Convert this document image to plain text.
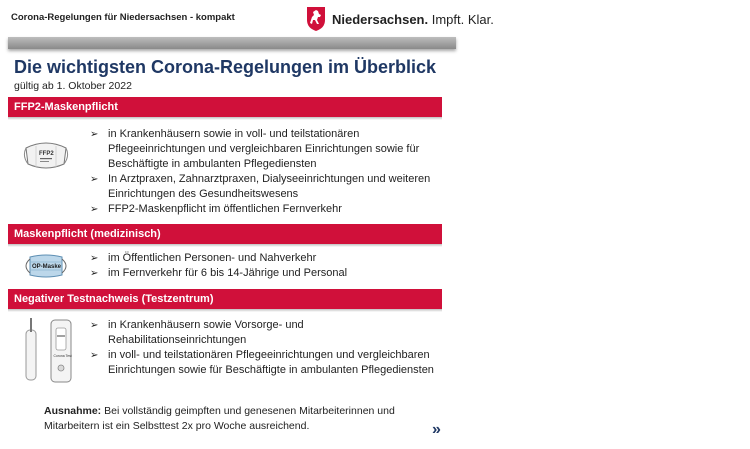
Corona-Regelungen für Niedersachsen - kompakt	Niedersachsen. Impft. Klar.
Die wichtigsten Corona-Regelungen im Überblick
gültig ab 1. Oktober 2022
FFP2-Maskenpflicht
FFP2
➢ in Krankenhäusern sowie in voll- und teilstationären Pflegeeinrichtungen und vergleichbaren Einrichtungen sowie für Beschäftigte in ambulanten Pflegediensten
➢ In Arztpraxen, Zahnarztpraxen, Dialyseeinrichtungen und weiteren Einrichtungen des Gesundheitswesens
➢ FFP2-Maskenpflicht im öffentlichen Fernverkehr
Maskenpflicht (medizinisch)
OP-Maske
➢ im Öffentlichen Personen- und Nahverkehr
➢ im Fernverkehr für 6 bis 14-Jährige und Personal
Negativer Testnachweis (Testzentrum)
Corona Test
➢ in Krankenhäusern sowie Vorsorge- und Rehabilitationseinrichtungen
➢ in voll- und teilstationären Pflegeeinrichtungen und vergleichbaren Einrichtungen sowie für Beschäftigte in ambulanten Pflegediensten
Ausnahme: Bei vollständig geimpften und genesenen Mitarbeiterinnen und Mitarbeitern ist ein Selbsttest 2x pro Woche ausreichend.	»
